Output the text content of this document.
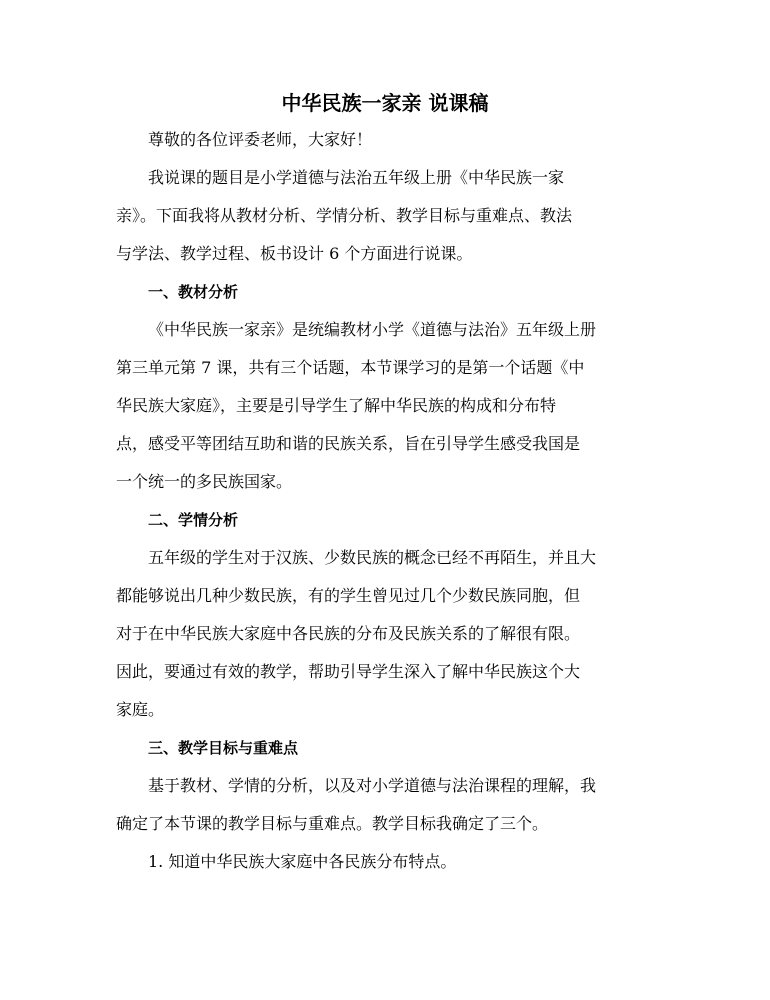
中华民族一家亲 说课稿
尊敬的各位评委老师，大家好！
我说课的题目是小学道德与法治五年级上册《中华民族一家
亲》。下面我将从教材分析、学情分析、教学目标与重难点、教法
与学法、教学过程、板书设计 6 个方面进行说课。
一、教材分析
《中华民族一家亲》是统编教材小学《道德与法治》五年级上册
第三单元第 7 课，共有三个话题，本节课学习的是第一个话题《中
华民族大家庭》，主要是引导学生了解中华民族的构成和分布特
点，感受平等团结互助和谐的民族关系，旨在引导学生感受我国是
一个统一的多民族国家。
二、学情分析
五年级的学生对于汉族、少数民族的概念已经不再陌生，并且大
都能够说出几种少数民族，有的学生曾见过几个少数民族同胞，但
对于在中华民族大家庭中各民族的分布及民族关系的了解很有限。
因此，要通过有效的教学，帮助引导学生深入了解中华民族这个大
家庭。
三、教学目标与重难点
基于教材、学情的分析，以及对小学道德与法治课程的理解，我
确定了本节课的教学目标与重难点。教学目标我确定了三个。
1. 知道中华民族大家庭中各民族分布特点。
